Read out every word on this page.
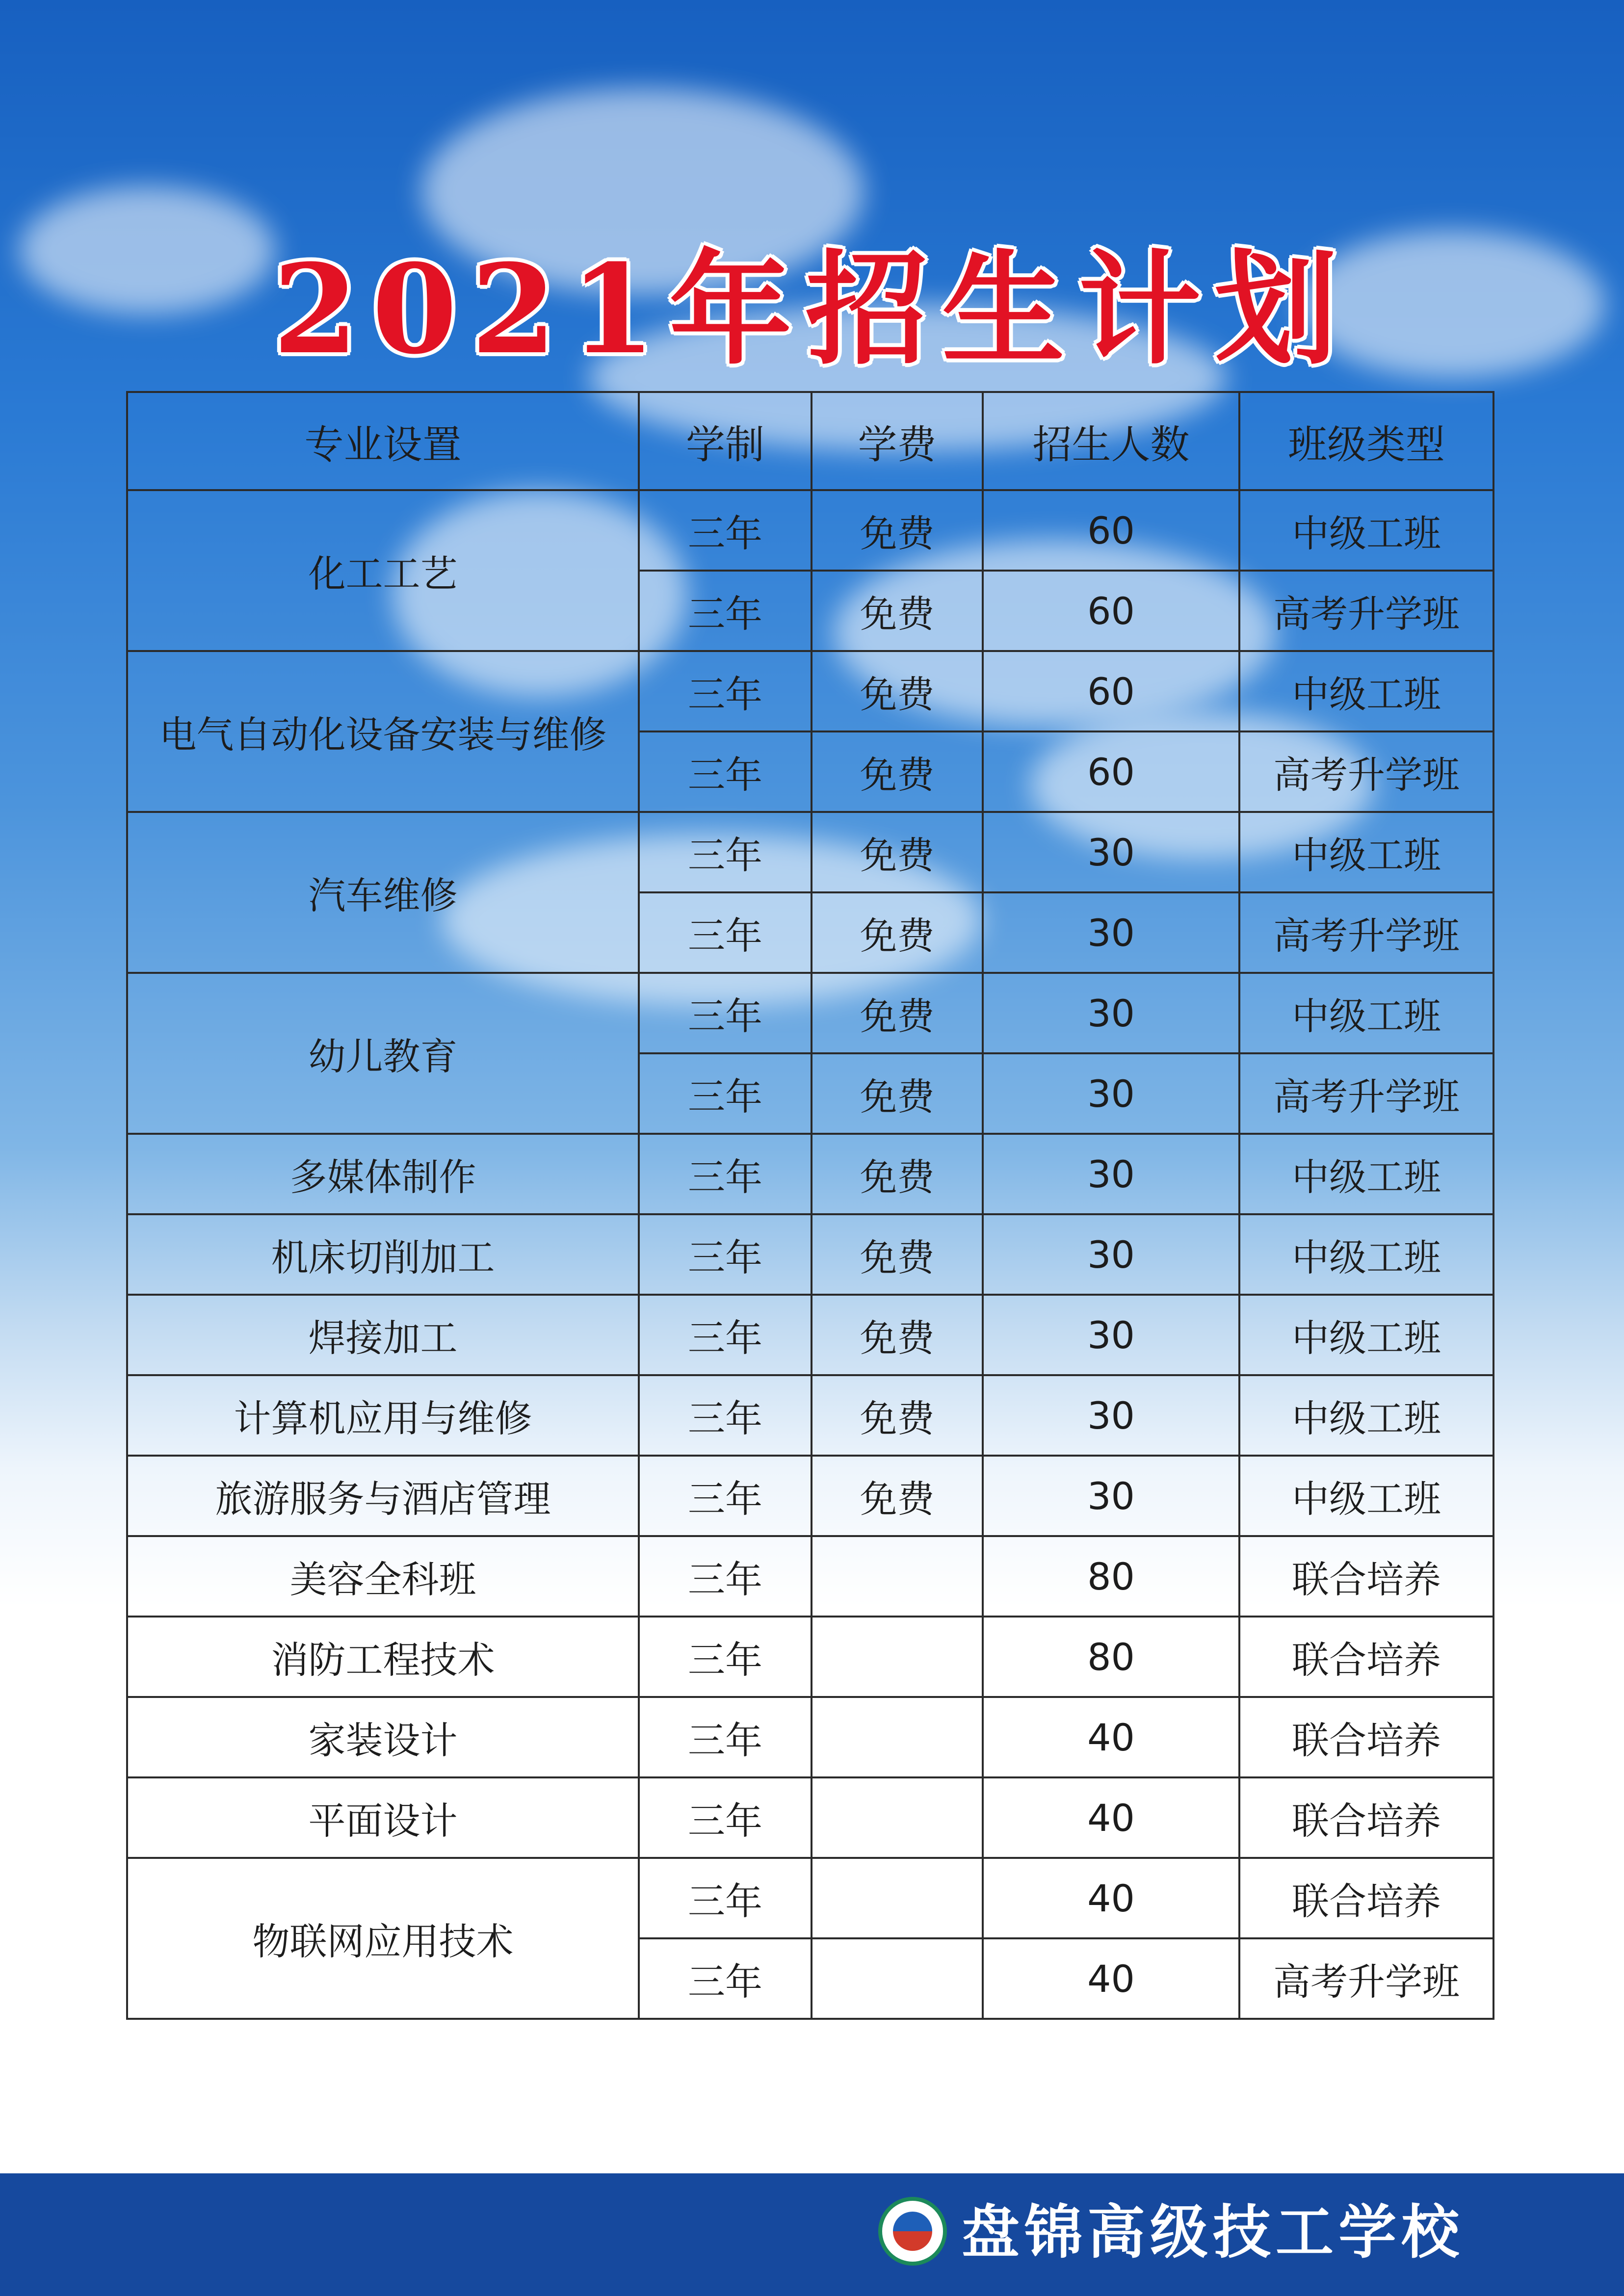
2021年招生计划
专业设置	学制	学费	招生人数	班级类型
化工工艺	三年	免费	60	中级工班
	三年	免费	60	高考升学班
电气自动化设备安装与维修	三年	免费	60	中级工班
	三年	免费	60	高考升学班
汽车维修	三年	免费	30	中级工班
	三年	免费	30	高考升学班
幼儿教育	三年	免费	30	中级工班
	三年	免费	30	高考升学班
多媒体制作	三年	免费	30	中级工班
机床切削加工	三年	免费	30	中级工班
焊接加工	三年	免费	30	中级工班
计算机应用与维修	三年	免费	30	中级工班
旅游服务与酒店管理	三年	免费	30	中级工班
美容全科班	三年		80	联合培养
消防工程技术	三年		80	联合培养
家装设计	三年		40	联合培养
平面设计	三年		40	联合培养
物联网应用技术	三年		40	联合培养
	三年		40	高考升学班
盘锦高级技工学校
